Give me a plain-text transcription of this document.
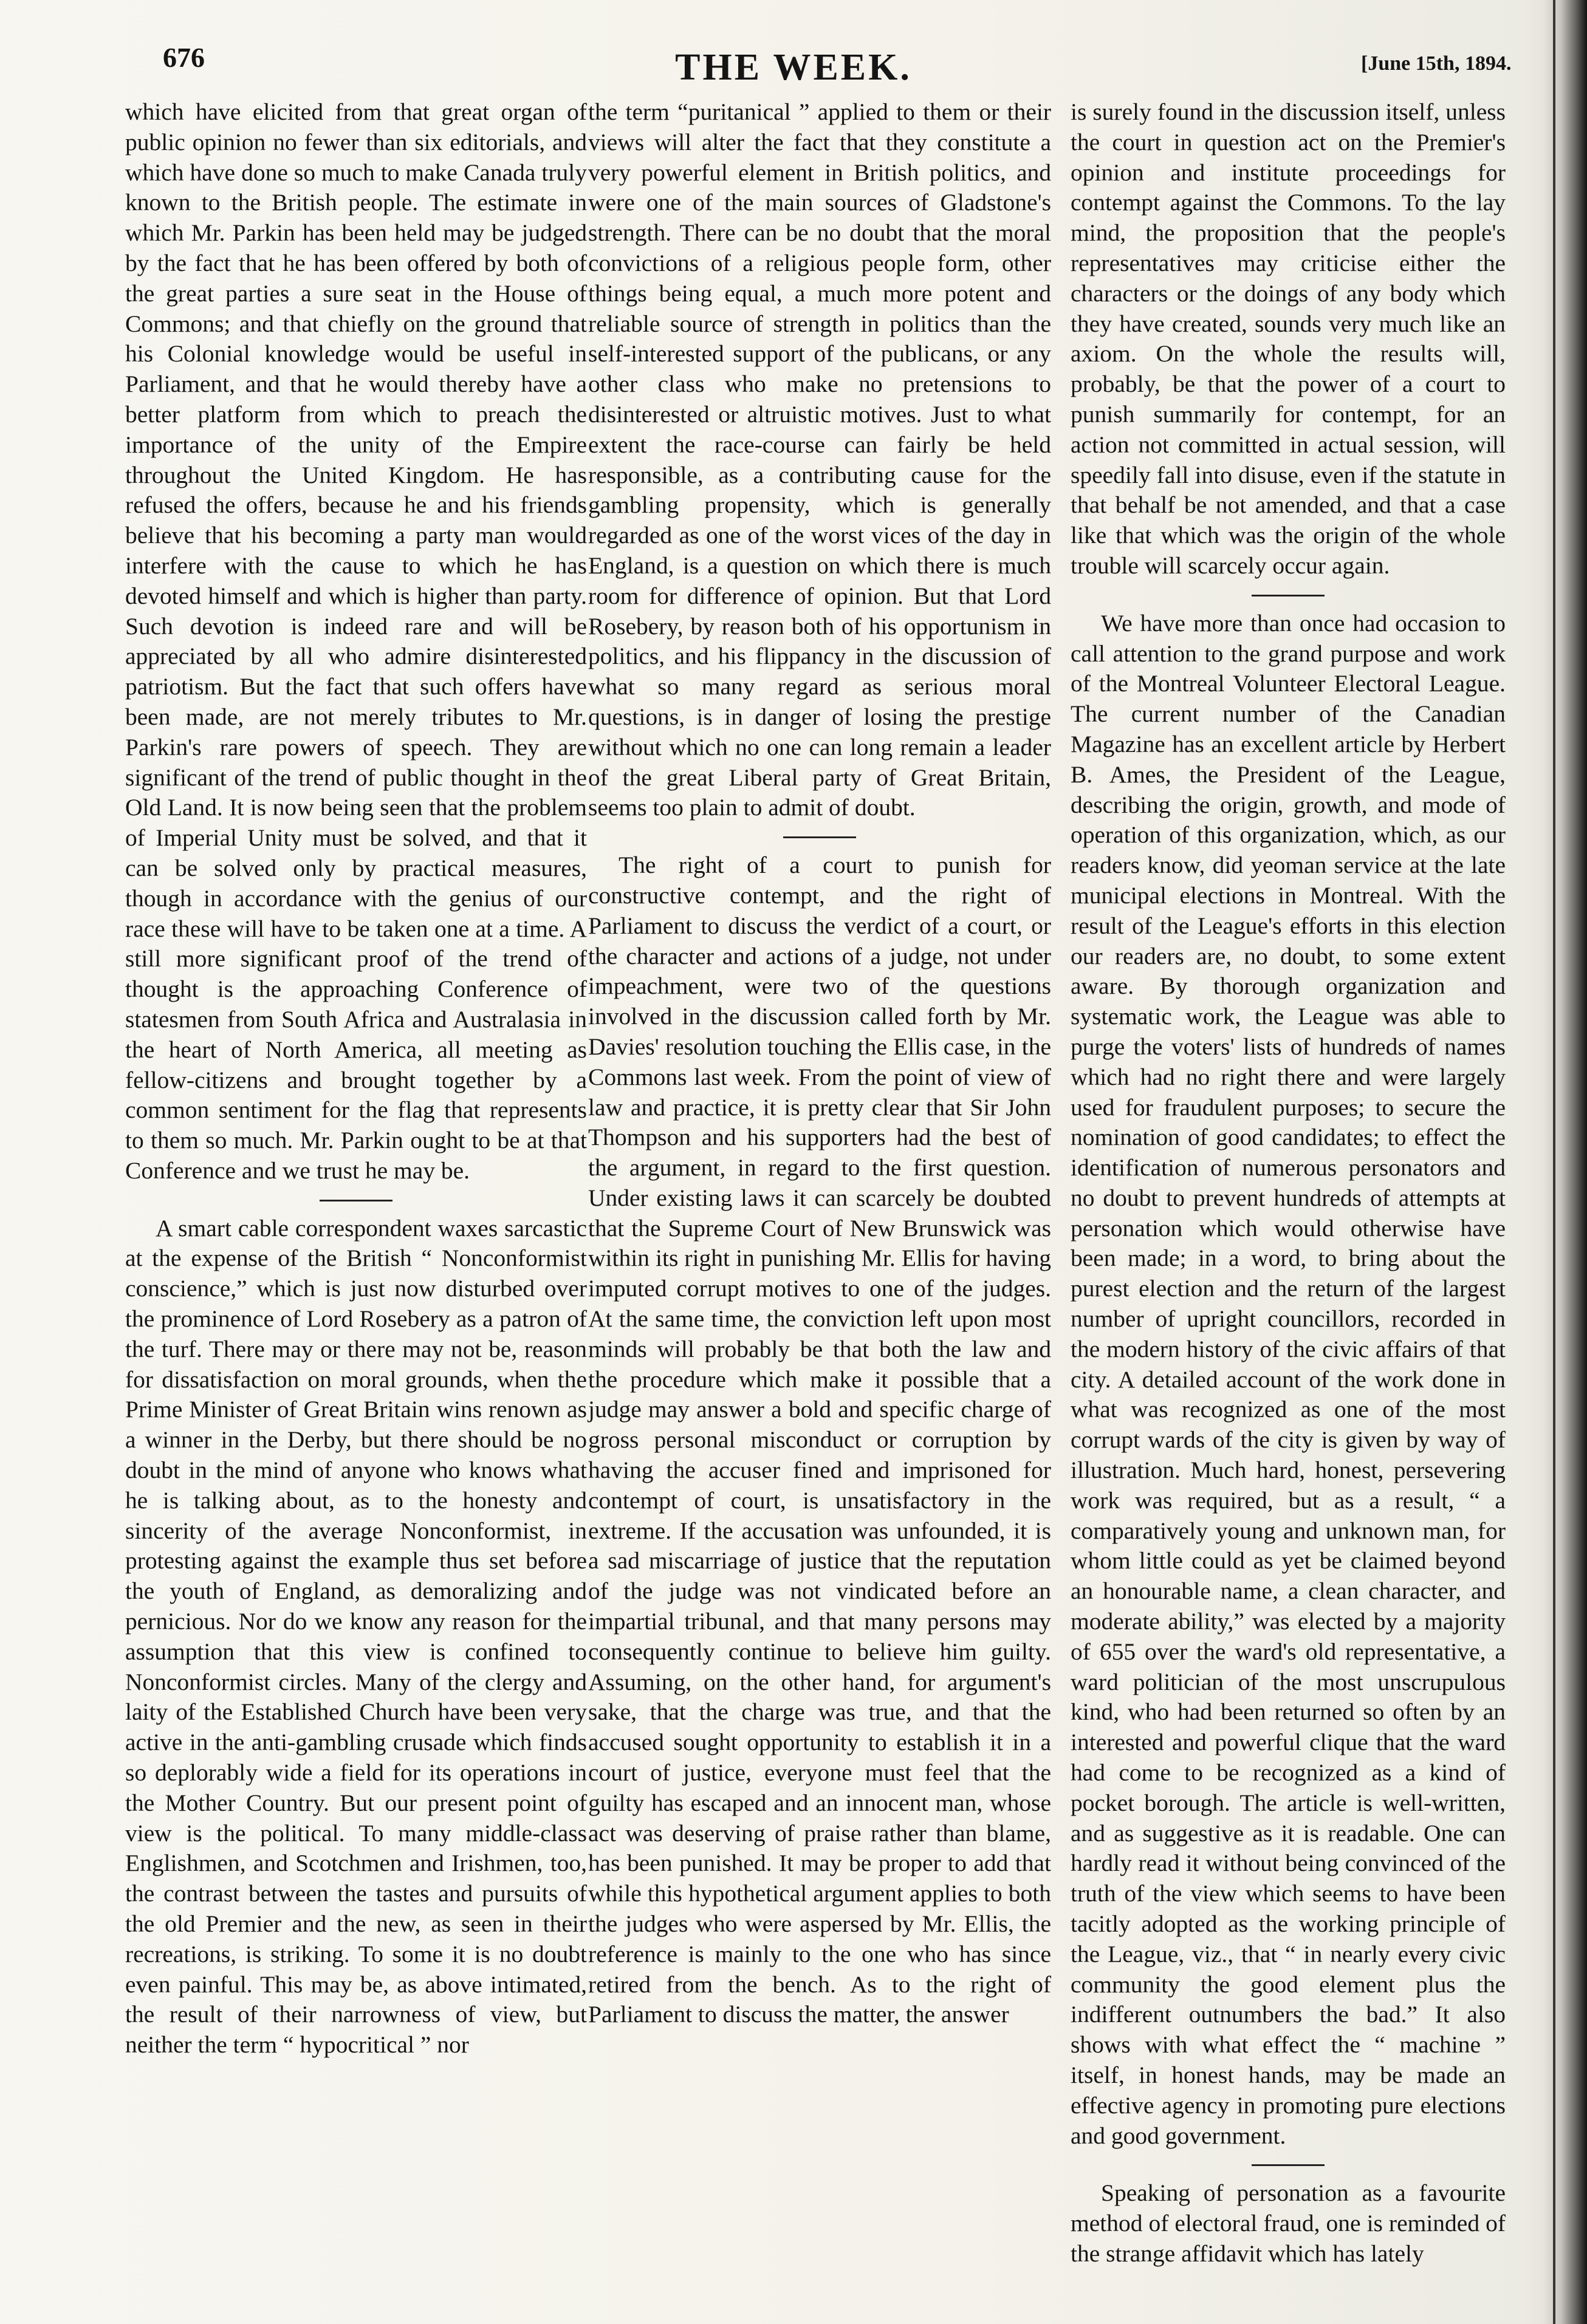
676	THE WEEK.	[June 15th, 1894.

which have elicited from that great organ of public opinion no fewer than six editorials, and which have done so much to make Canada truly known to the British people. The estimate in which Mr. Parkin has been held may be judged by the fact that he has been offered by both of the great parties a sure seat in the House of Commons; and that chiefly on the ground that his Colonial knowledge would be useful in Parliament, and that he would thereby have a better platform from which to preach the importance of the unity of the Empire throughout the United Kingdom. He has refused the offers, because he and his friends believe that his becoming a party man would interfere with the cause to which he has devoted himself and which is higher than party. Such devotion is indeed rare and will be appreciated by all who admire disinterested patriotism. But the fact that such offers have been made, are not merely tributes to Mr. Parkin's rare powers of speech. They are significant of the trend of public thought in the Old Land. It is now being seen that the problem of Imperial Unity must be solved, and that it can be solved only by practical measures, though in accordance with the genius of our race these will have to be taken one at a time. A still more significant proof of the trend of thought is the approaching Conference of statesmen from South Africa and Australasia in the heart of North America, all meeting as fellow-citizens and brought together by a common sentiment for the flag that represents to them so much. Mr. Parkin ought to be at that Conference and we trust he may be.

A smart cable correspondent waxes sarcastic at the expense of the British “ Nonconformist conscience,” which is just now disturbed over the prominence of Lord Rosebery as a patron of the turf. There may or there may not be, reason for dissatisfaction on moral grounds, when the Prime Minister of Great Britain wins renown as a winner in the Derby, but there should be no doubt in the mind of anyone who knows what he is talking about, as to the honesty and sincerity of the average Nonconformist, in protesting against the example thus set before the youth of England, as demoralizing and pernicious. Nor do we know any reason for the assumption that this view is confined to Nonconformist circles. Many of the clergy and laity of the Established Church have been very active in the anti-gambling crusade which finds so deplorably wide a field for its operations in the Mother Country. But our present point of view is the political. To many middle-class Englishmen, and Scotchmen and Irishmen, too, the contrast between the tastes and pursuits of the old Premier and the new, as seen in their recreations, is striking. To some it is no doubt even painful. This may be, as above intimated, the result of their narrowness of view, but neither the term “ hypocritical ” nor

the term “puritanical ” applied to them or their views will alter the fact that they constitute a very powerful element in British politics, and were one of the main sources of Gladstone's strength. There can be no doubt that the moral convictions of a religious people form, other things being equal, a much more potent and reliable source of strength in politics than the self-interested support of the publicans, or any other class who make no pretensions to disinterested or altruistic motives. Just to what extent the race-course can fairly be held responsible, as a contributing cause for the gambling propensity, which is generally regarded as one of the worst vices of the day in England, is a question on which there is much room for difference of opinion. But that Lord Rosebery, by reason both of his opportunism in politics, and his flippancy in the discussion of what so many regard as serious moral questions, is in danger of losing the prestige without which no one can long remain a leader of the great Liberal party of Great Britain, seems too plain to admit of doubt.

The right of a court to punish for constructive contempt, and the right of Parliament to discuss the verdict of a court, or the character and actions of a judge, not under impeachment, were two of the questions involved in the discussion called forth by Mr. Davies' resolution touching the Ellis case, in the Commons last week. From the point of view of law and practice, it is pretty clear that Sir John Thompson and his supporters had the best of the argument, in regard to the first question. Under existing laws it can scarcely be doubted that the Supreme Court of New Brunswick was within its right in punishing Mr. Ellis for having imputed corrupt motives to one of the judges. At the same time, the conviction left upon most minds will probably be that both the law and the procedure which make it possible that a judge may answer a bold and specific charge of gross personal misconduct or corruption by having the accuser fined and imprisoned for contempt of court, is unsatisfactory in the extreme. If the accusation was unfounded, it is a sad miscarriage of justice that the reputation of the judge was not vindicated before an impartial tribunal, and that many persons may consequently continue to believe him guilty. Assuming, on the other hand, for argument's sake, that the charge was true, and that the accused sought opportunity to establish it in a court of justice, everyone must feel that the guilty has escaped and an innocent man, whose act was deserving of praise rather than blame, has been punished. It may be proper to add that while this hypothetical argument applies to both the judges who were aspersed by Mr. Ellis, the reference is mainly to the one who has since retired from the bench. As to the right of Parliament to discuss the matter, the answer

is surely found in the discussion itself, unless the court in question act on the Premier's opinion and institute proceedings for contempt against the Commons. To the lay mind, the proposition that the people's representatives may criticise either the characters or the doings of any body which they have created, sounds very much like an axiom. On the whole the results will, probably, be that the power of a court to punish summarily for contempt, for an action not committed in actual session, will speedily fall into disuse, even if the statute in that behalf be not amended, and that a case like that which was the origin of the whole trouble will scarcely occur again.

We have more than once had occasion to call attention to the grand purpose and work of the Montreal Volunteer Electoral League. The current number of the Canadian Magazine has an excellent article by Herbert B. Ames, the President of the League, describing the origin, growth, and mode of operation of this organization, which, as our readers know, did yeoman service at the late municipal elections in Montreal. With the result of the League's efforts in this election our readers are, no doubt, to some extent aware. By thorough organization and systematic work, the League was able to purge the voters' lists of hundreds of names which had no right there and were largely used for fraudulent purposes; to secure the nomination of good candidates; to effect the identification of numerous personators and no doubt to prevent hundreds of attempts at personation which would otherwise have been made; in a word, to bring about the purest election and the return of the largest number of upright councillors, recorded in the modern history of the civic affairs of that city. A detailed account of the work done in what was recognized as one of the most corrupt wards of the city is given by way of illustration. Much hard, honest, persevering work was required, but as a result, “ a comparatively young and unknown man, for whom little could as yet be claimed beyond an honourable name, a clean character, and moderate ability,” was elected by a majority of 655 over the ward's old representative, a ward politician of the most unscrupulous kind, who had been returned so often by an interested and powerful clique that the ward had come to be recognized as a kind of pocket borough. The article is well-written, and as suggestive as it is readable. One can hardly read it without being convinced of the truth of the view which seems to have been tacitly adopted as the working principle of the League, viz., that “ in nearly every civic community the good element plus the indifferent outnumbers the bad.” It also shows with what effect the “ machine ” itself, in honest hands, may be made an effective agency in promoting pure elections and good government.

Speaking of personation as a favourite method of electoral fraud, one is reminded of the strange affidavit which has lately
